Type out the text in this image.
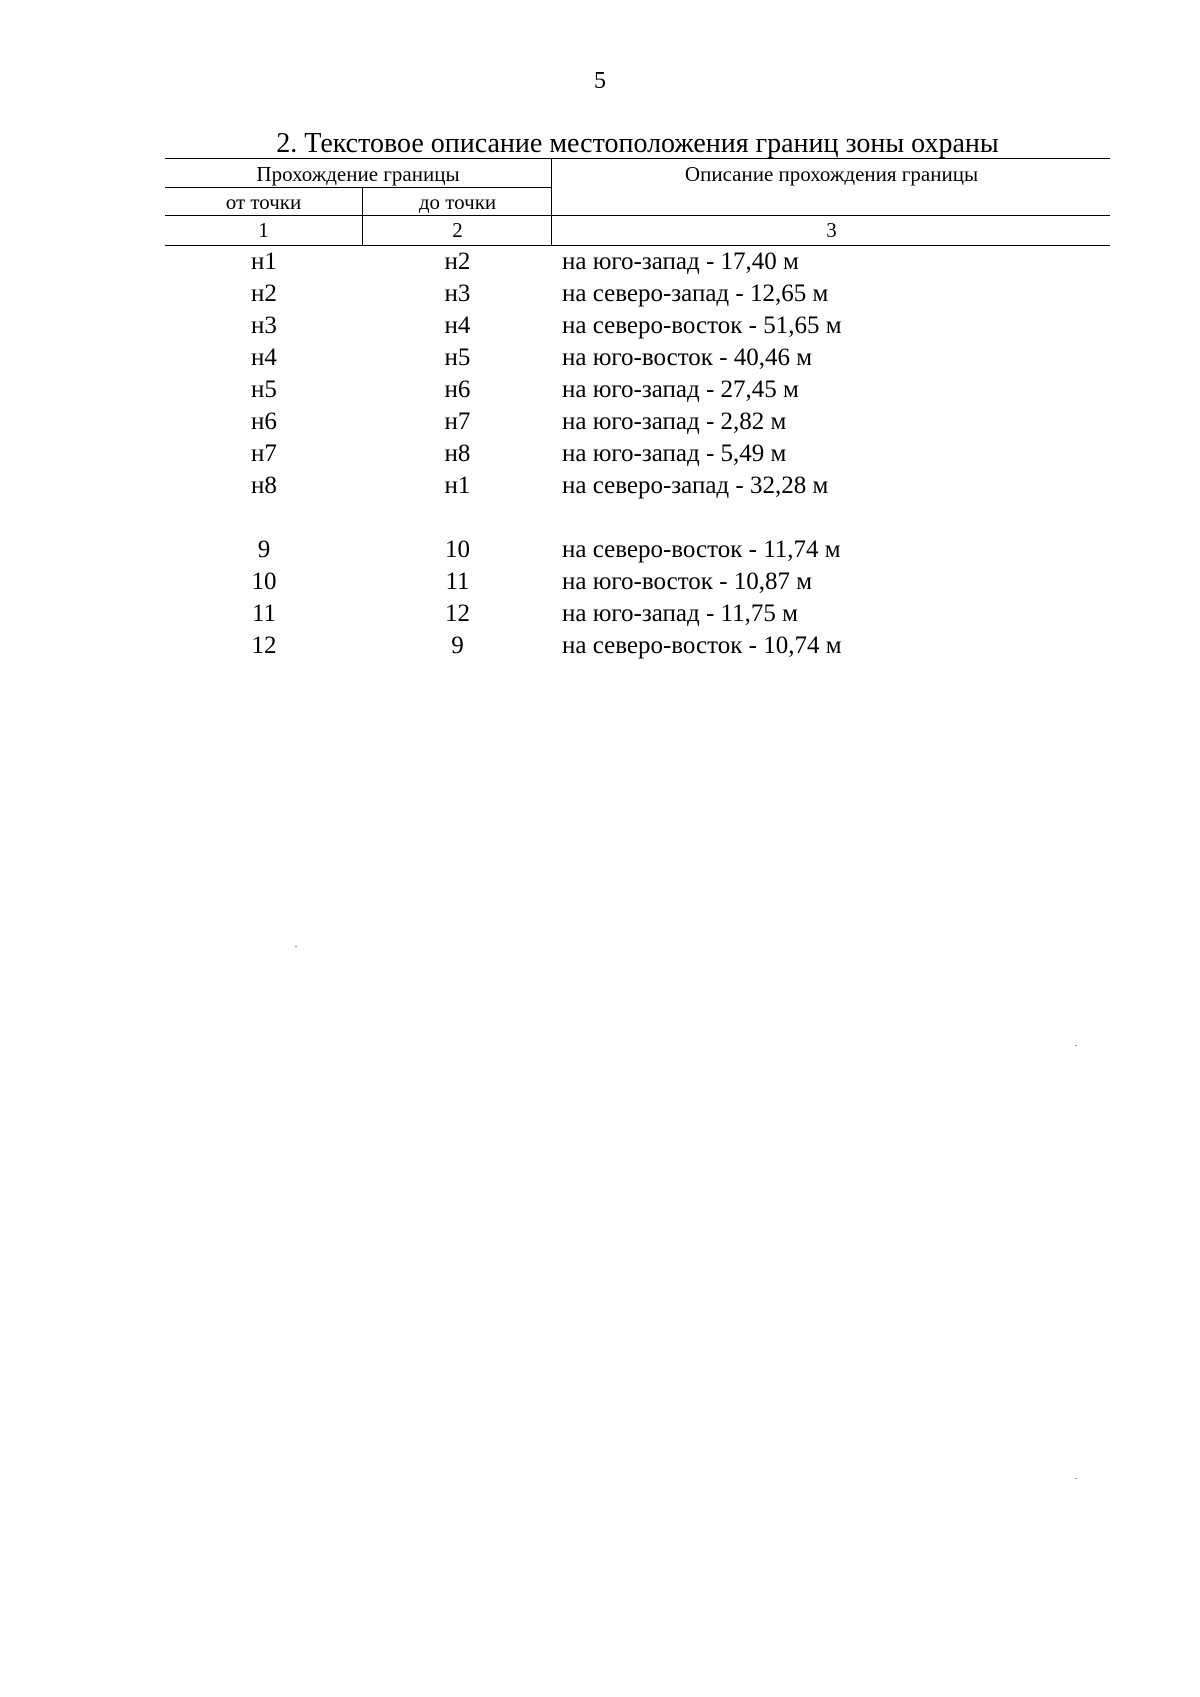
5
2. Текстовое описание местоположения границ зоны охраны
Прохождение границы	Описание прохождения границы
от точки	до точки
1	2	3
н1	н2	на юго-запад - 17,40 м
н2	н3	на северо-запад - 12,65 м
н3	н4	на северо-восток - 51,65 м
н4	н5	на юго-восток - 40,46 м
н5	н6	на юго-запад - 27,45 м
н6	н7	на юго-запад - 2,82 м
н7	н8	на юго-запад - 5,49 м
н8	н1	на северо-запад - 32,28 м
9	10	на северо-восток - 11,74 м
10	11	на юго-восток - 10,87 м
11	12	на юго-запад - 11,75 м
12	9	на северо-восток - 10,74 м
